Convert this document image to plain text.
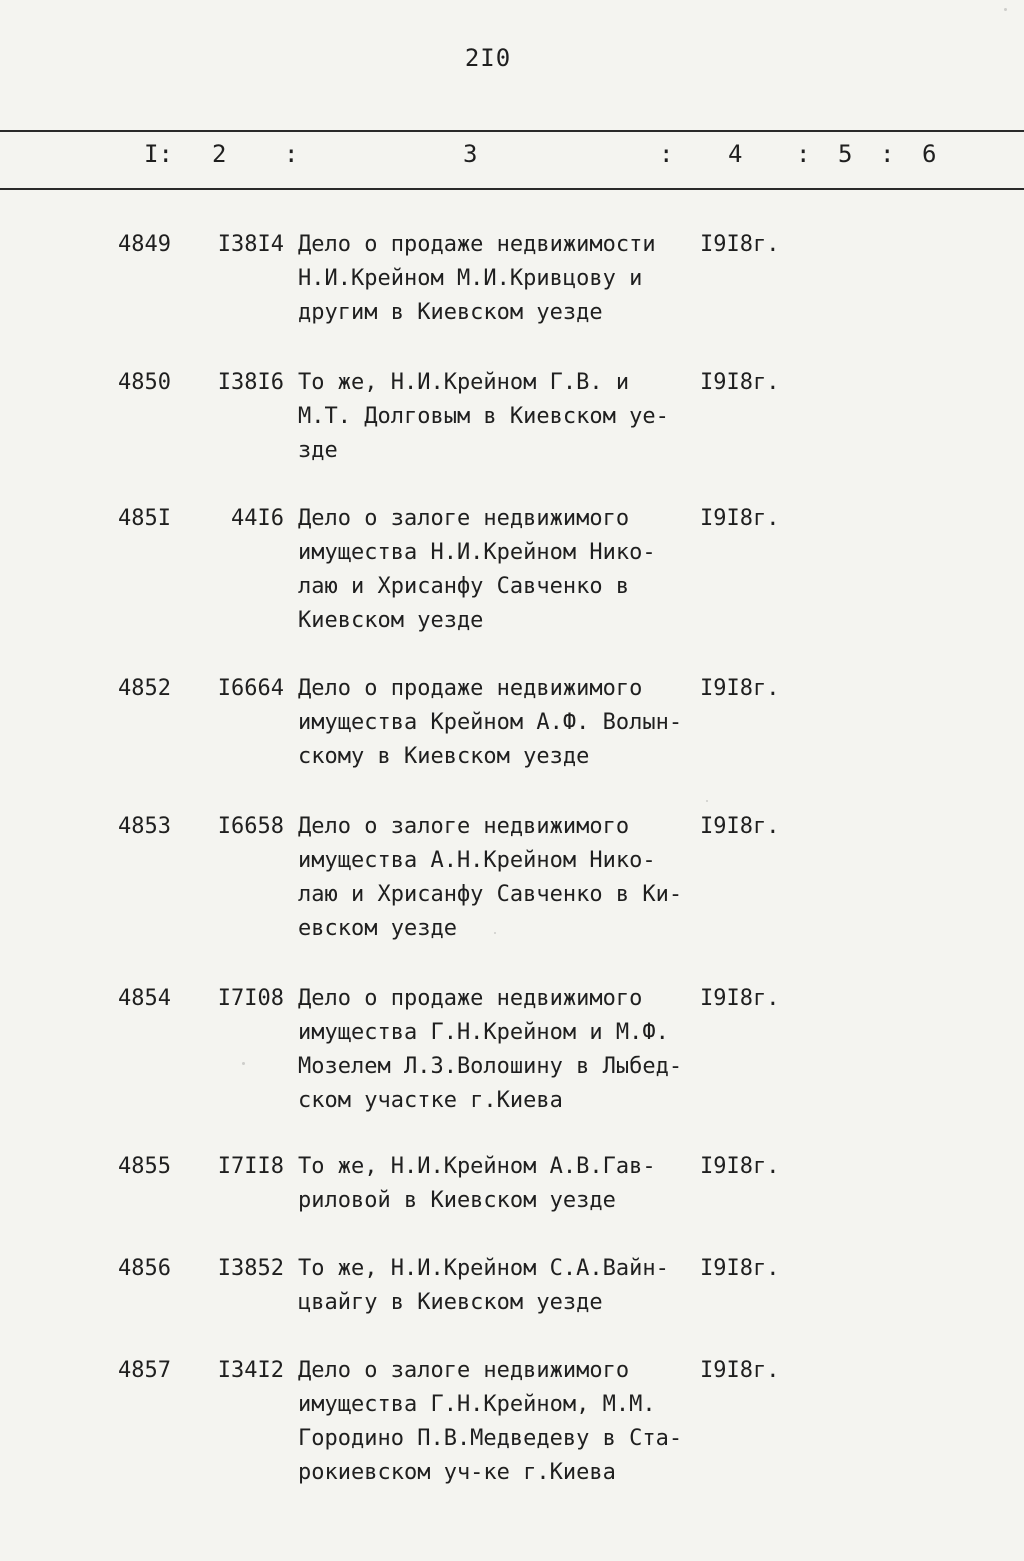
2I0
I: 2 :	3	: 4 : 5 : 6
4849	I38I4 Дело о продаже недвижимости
Н.И.Крейном М.И.Кривцову и
другим в Киевском уезде
I9I8г.
4850	I38I6 То же, Н.И.Крейном Г.В. и
М.Т. Долговым в Киевском уе-
зде
I9I8г.
485I	44I6 Дело о залоге недвижимого
имущества Н.И.Крейном Нико-
лаю и Хрисанфу Савченко в
Киевском уезде
I9I8г.
4852	I6664 Дело о продаже недвижимого
имущества Крейном А.Ф. Волын-
скому в Киевском уезде
I9I8г.
4853	I6658 Дело о залоге недвижимого
имущества А.Н.Крейном Нико-
лаю и Хрисанфу Савченко в Ки-
евском уезде
I9I8г.
4854	I7I08 Дело о продаже недвижимого
имущества Г.Н.Крейном и М.Ф.
Мозелем Л.З.Волошину в Лыбед-
ском участке г.Киева
I9I8г.
4855	I7II8 То же, Н.И.Крейном А.В.Гав-
риловой в Киевском уезде
I9I8г.
4856	I3852 То же, Н.И.Крейном С.А.Вайн-
цвайгу в Киевском уезде
I9I8г.
4857	I34I2 Дело о залоге недвижимого
имущества Г.Н.Крейном, М.М.
Городино П.В.Медведеву в Ста-
рокиевском уч-ке г.Киева
I9I8г.
